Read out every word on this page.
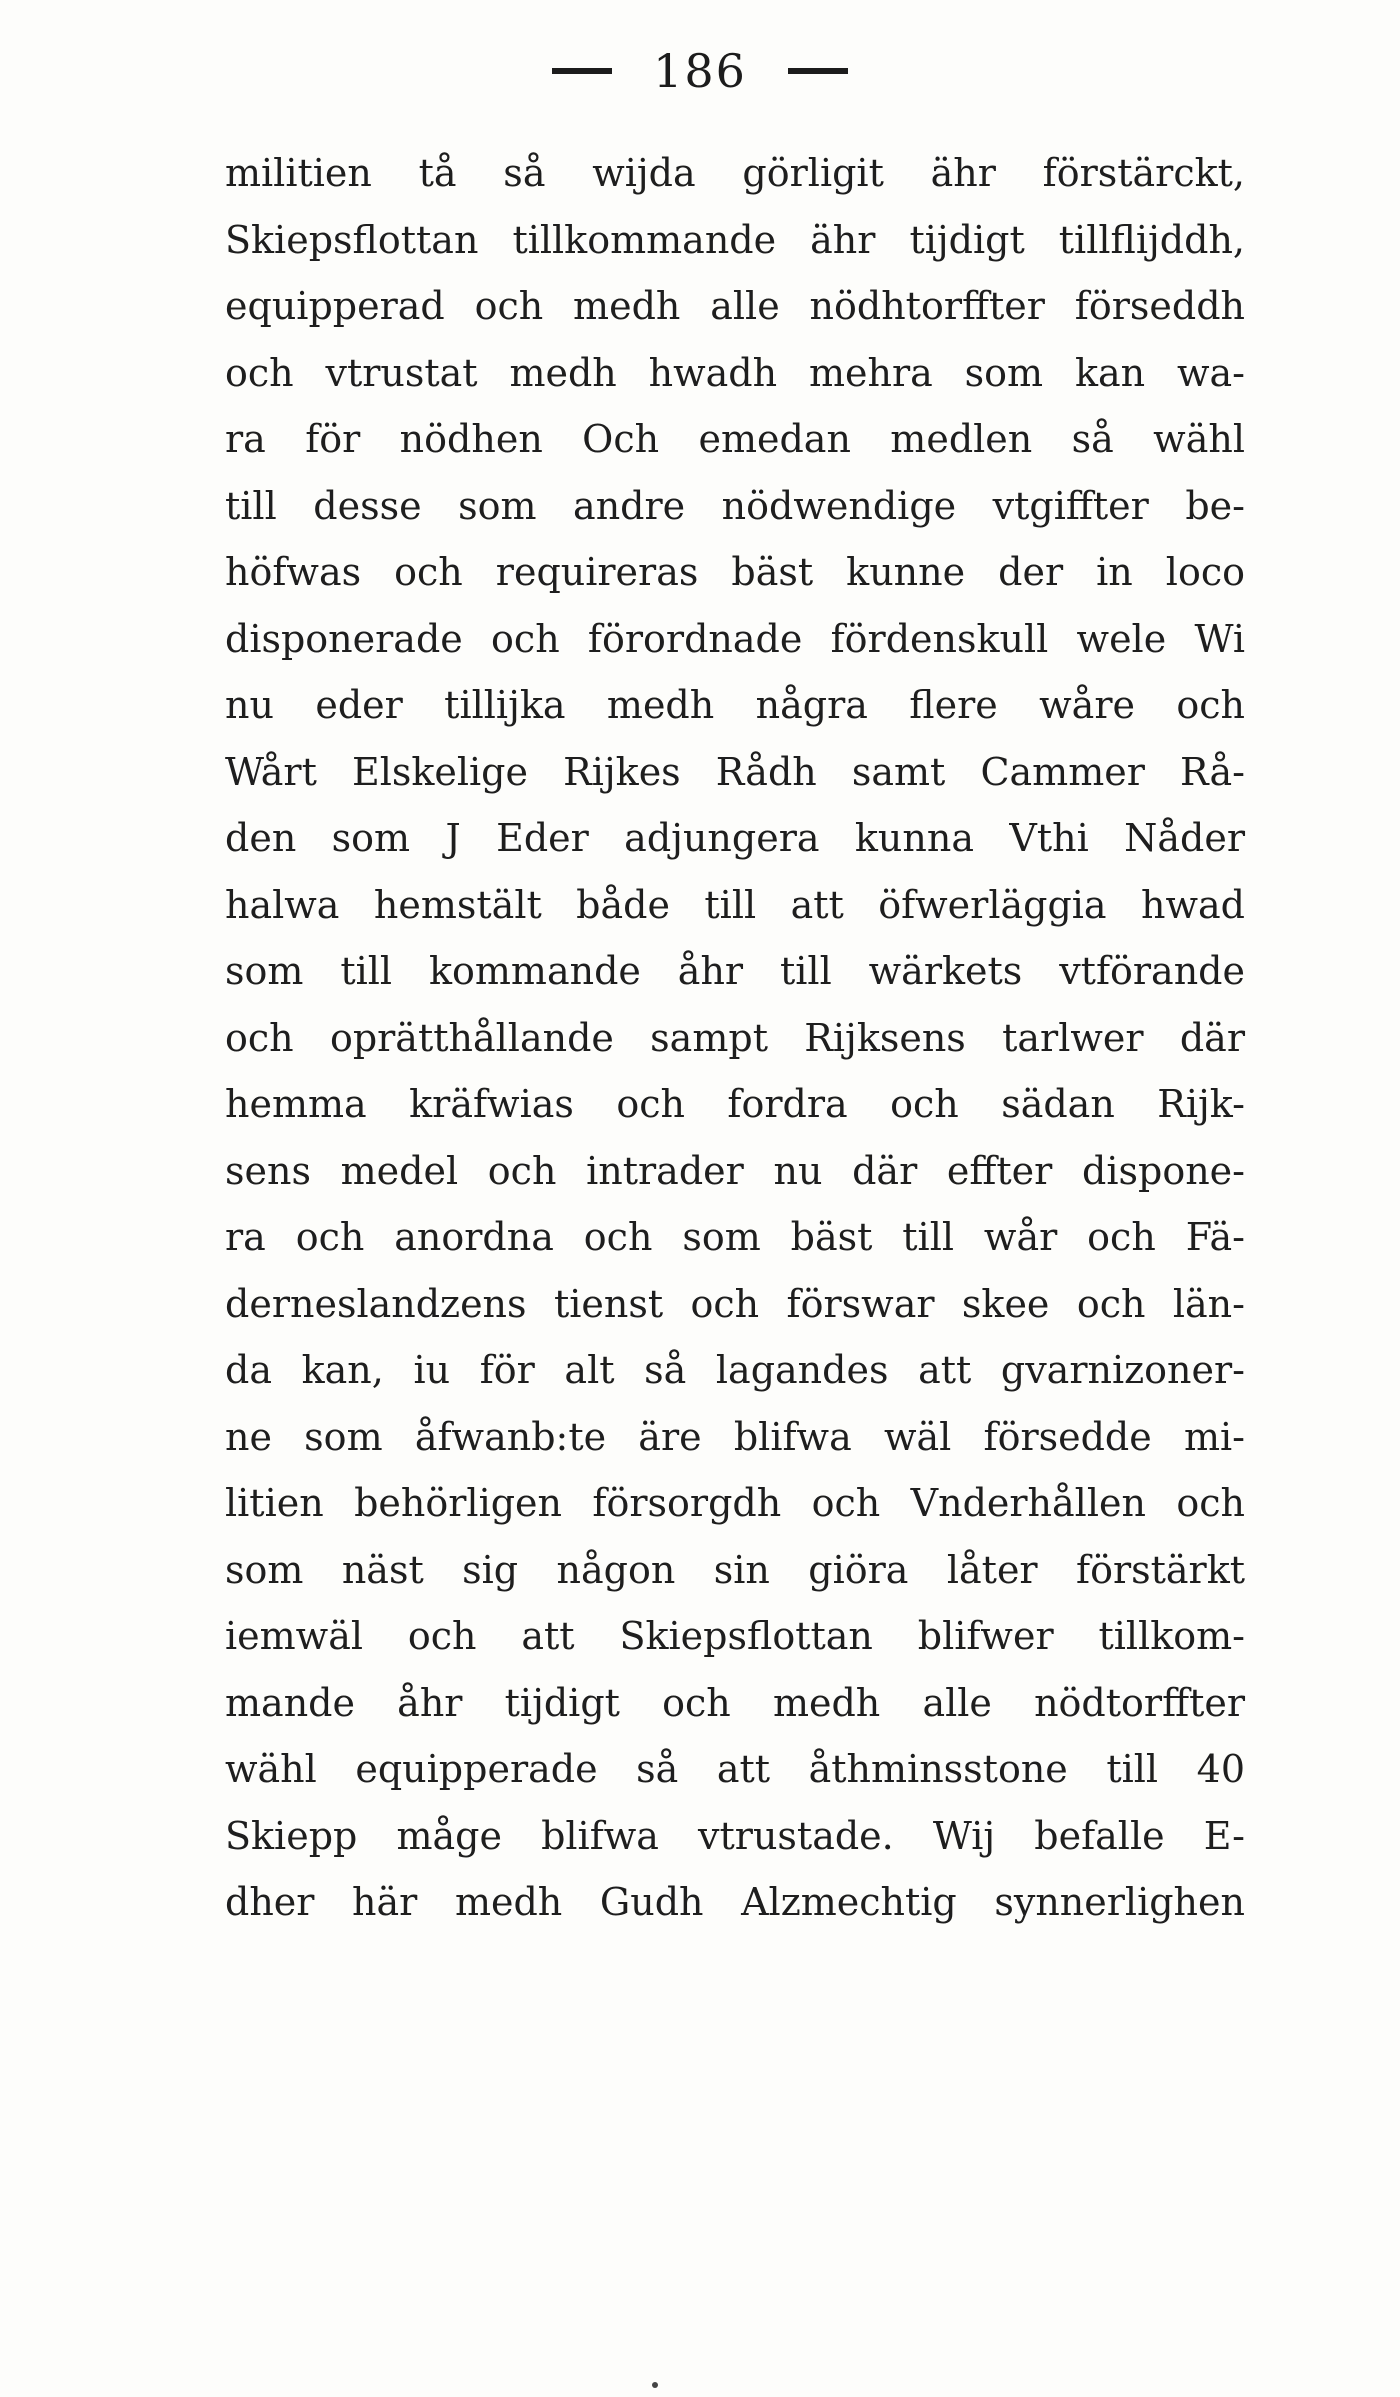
186
militien tå så wijda görligit ähr förstärckt,
Skiepsflottan tillkommande ähr tijdigt tillflijddh,
equipperad och medh alle nödhtorffter förseddh
och vtrustat medh hwadh mehra som kan wa-
ra för nödhen Och emedan medlen så wähl
till desse som andre nödwendige vtgiffter be-
höfwas och requireras bäst kunne der in loco
disponerade och förordnade fördenskull wele Wi
nu eder tillijka medh några flere wåre och
Wårt Elskelige Rijkes Rådh samt Cammer Rå-
den som J Eder adjungera kunna Vthi Nåder
halwa hemstält både till att öfwerläggia hwad
som till kommande åhr till wärkets vtförande
och oprätthållande sampt Rijksens tarlwer där
hemma kräfwias och fordra och sädan Rijk-
sens medel och intrader nu där effter dispone-
ra och anordna och som bäst till wår och Fä-
derneslandzens tienst och förswar skee och län-
da kan, iu för alt så lagandes att gvarnizoner-
ne som åfwanb:te äre blifwa wäl försedde mi-
litien behörligen försorgdh och Vnderhållen och
som näst sig någon sin giöra låter förstärkt
iemwäl och att Skiepsflottan blifwer tillkom-
mande åhr tijdigt och medh alle nödtorffter
wähl equipperade så att åthminsstone till 40
Skiepp måge blifwa vtrustade. Wij befalle E-
dher här medh Gudh Alzmechtig synnerlighen
